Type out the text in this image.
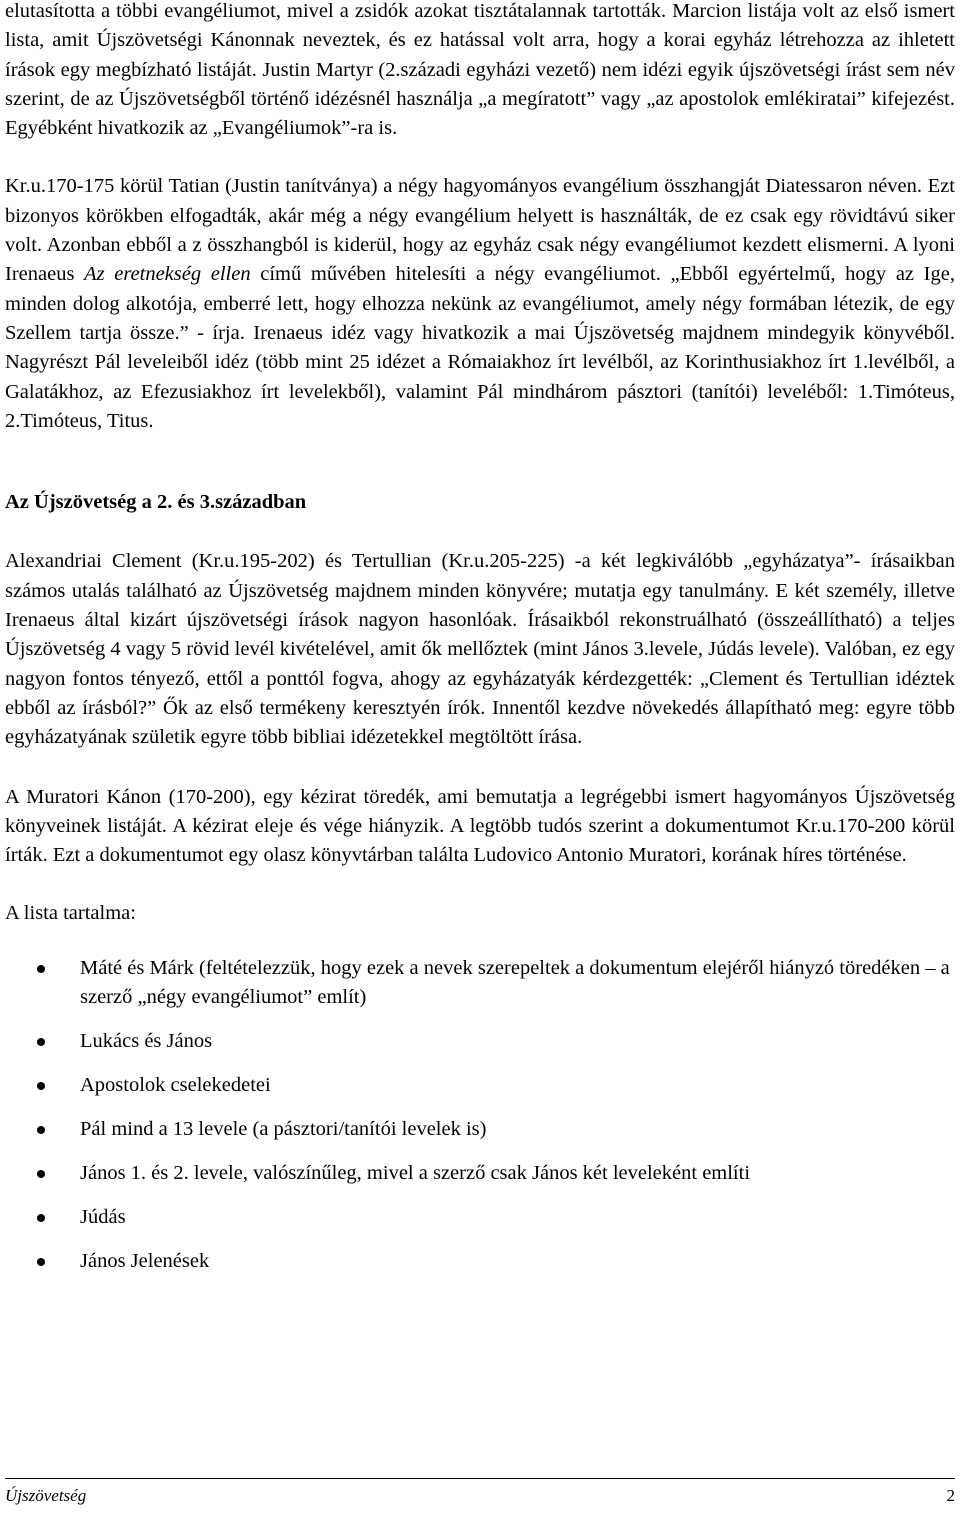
elutasította a többi evangéliumot, mivel a zsidók azokat tisztátalannak tartották. Marcion listája volt az első ismert lista, amit Újszövetségi Kánonnak neveztek, és ez hatással volt arra, hogy a korai egyház létrehozza az ihletett írások egy megbízható listáját. Justin Martyr (2.századi egyházi vezető) nem idézi egyik újszövetségi írást sem név szerint, de az Újszövetségből történő idézésnél használja „a megíratott” vagy „az apostolok emlékiratai” kifejezést. Egyébként hivatkozik az „Evangéliumok”-ra is.

Kr.u.170-175 körül Tatian (Justin tanítványa) a négy hagyományos evangélium összhangját Diatessaron néven. Ezt bizonyos körökben elfogadták, akár még a négy evangélium helyett is használták, de ez csak egy rövidtávú siker volt. Azonban ebből a z összhangból is kiderül, hogy az egyház csak négy evangéliumot kezdett elismerni. A lyoni Irenaeus Az eretnekség ellen című művében hitelesíti a négy evangéliumot. „Ebből egyértelmű, hogy az Ige, minden dolog alkotója, emberré lett, hogy elhozza nekünk az evangéliumot, amely négy formában létezik, de egy Szellem tartja össze.” - írja. Irenaeus idéz vagy hivatkozik a mai Újszövetség majdnem mindegyik könyvéből. Nagyrészt Pál leveleiből idéz (több mint 25 idézet a Rómaiakhoz írt levélből, az Korinthusiakhoz írt 1.levélből, a Galatákhoz, az Efezusiakhoz írt levelekből), valamint Pál mindhárom pásztori (tanítói) leveléből: 1.Timóteus, 2.Timóteus, Titus.

Az Újszövetség a 2. és 3.században

Alexandriai Clement (Kr.u.195-202) és Tertullian (Kr.u.205-225) -a két legkiválóbb „egyházatya”- írásaikban számos utalás található az Újszövetség majdnem minden könyvére; mutatja egy tanulmány. E két személy, illetve Irenaeus által kizárt újszövetségi írások nagyon hasonlóak. Írásaikból rekonstruálható (összeállítható) a teljes Újszövetség 4 vagy 5 rövid levél kivételével, amit ők mellőztek (mint János 3.levele, Júdás levele). Valóban, ez egy nagyon fontos tényező, ettől a ponttól fogva, ahogy az egyházatyák kérdezgették: „Clement és Tertullian idéztek ebből az írásból?” Ők az első termékeny keresztyén írók. Innentől kezdve növekedés állapítható meg: egyre több egyházatyának születik egyre több bibliai idézetekkel megtöltött írása.

A Muratori Kánon (170-200), egy kézirat töredék, ami bemutatja a legrégebbi ismert hagyományos Újszövetség könyveinek listáját. A kézirat eleje és vége hiányzik. A legtöbb tudós szerint a dokumentumot Kr.u.170-200 körül írták. Ezt a dokumentumot egy olasz könyvtárban találta Ludovico Antonio Muratori, korának híres történése.

A lista tartalma:

Máté és Márk (feltételezzük, hogy ezek a nevek szerepeltek a dokumentum elejéről hiányzó töredéken – a szerző „négy evangéliumot” említ)
Lukács és János
Apostolok cselekedetei
Pál mind a 13 levele (a pásztori/tanítói levelek is)
János 1. és 2. levele, valószínűleg, mivel a szerző csak János két leveleként említi
Júdás
János Jelenések
Újszövetség	2
